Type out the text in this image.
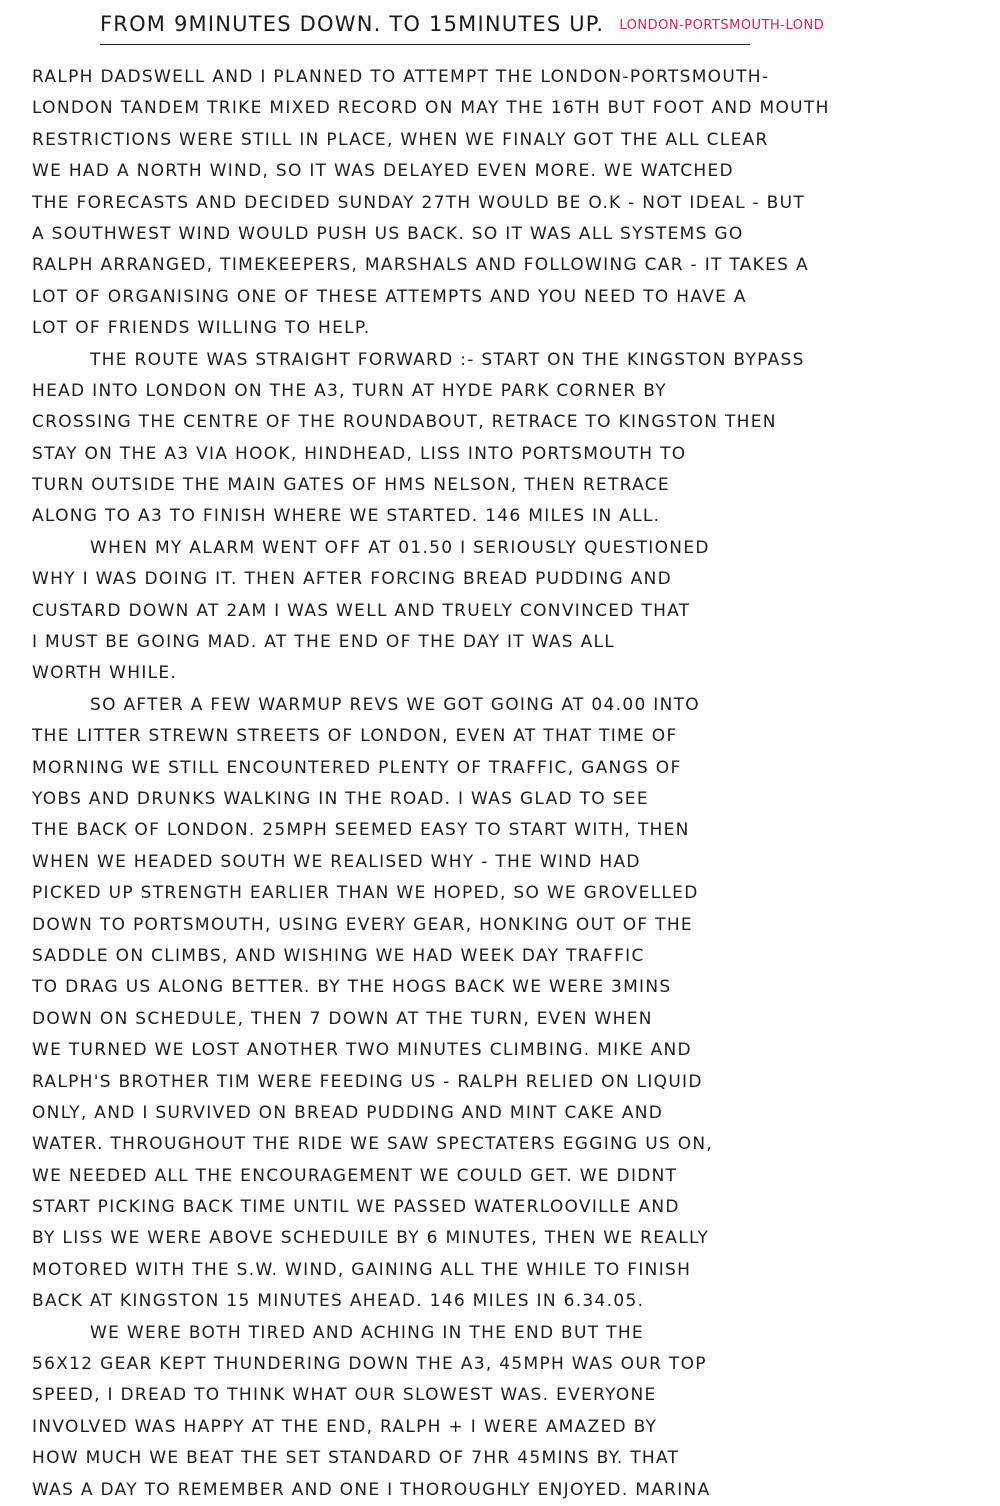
FROM 9MINUTES DOWN. TO 15MINUTES UP. LONDON-PORTSMOUTH-LOND
RALPH DADSWELL AND I PLANNED TO ATTEMPT THE LONDON-PORTSMOUTH-
LONDON TANDEM TRIKE MIXED RECORD ON MAY THE 16TH BUT FOOT AND MOUTH
RESTRICTIONS WERE STILL IN PLACE, WHEN WE FINALY GOT THE ALL CLEAR
WE HAD A NORTH WIND, SO IT WAS DELAYED EVEN MORE. WE WATCHED
THE FORECASTS AND DECIDED SUNDAY 27TH WOULD BE O.K - NOT IDEAL - BUT
A SOUTHWEST WIND WOULD PUSH US BACK. SO IT WAS ALL SYSTEMS GO
RALPH ARRANGED, TIMEKEEPERS, MARSHALS AND FOLLOWING CAR - IT TAKES A
LOT OF ORGANISING ONE OF THESE ATTEMPTS AND YOU NEED TO HAVE A
LOT OF FRIENDS WILLING TO HELP.
THE ROUTE WAS STRAIGHT FORWARD :- START ON THE KINGSTON BYPASS
HEAD INTO LONDON ON THE A3, TURN AT HYDE PARK CORNER BY
CROSSING THE CENTRE OF THE ROUNDABOUT, RETRACE TO KINGSTON THEN
STAY ON THE A3 VIA HOOK, HINDHEAD, LISS INTO PORTSMOUTH TO
TURN OUTSIDE THE MAIN GATES OF HMS NELSON, THEN RETRACE
ALONG TO A3 TO FINISH WHERE WE STARTED. 146 MILES IN ALL.
WHEN MY ALARM WENT OFF AT 01.50 I SERIOUSLY QUESTIONED
WHY I WAS DOING IT. THEN AFTER FORCING BREAD PUDDING AND
CUSTARD DOWN AT 2AM I WAS WELL AND TRUELY CONVINCED THAT
I MUST BE GOING MAD. AT THE END OF THE DAY IT WAS ALL
WORTH WHILE.
SO AFTER A FEW WARMUP REVS WE GOT GOING AT 04.00 INTO
THE LITTER STREWN STREETS OF LONDON, EVEN AT THAT TIME OF
MORNING WE STILL ENCOUNTERED PLENTY OF TRAFFIC, GANGS OF
YOBS AND DRUNKS WALKING IN THE ROAD. I WAS GLAD TO SEE
THE BACK OF LONDON. 25MPH SEEMED EASY TO START WITH, THEN
WHEN WE HEADED SOUTH WE REALISED WHY - THE WIND HAD
PICKED UP STRENGTH EARLIER THAN WE HOPED, SO WE GROVELLED
DOWN TO PORTSMOUTH, USING EVERY GEAR, HONKING OUT OF THE
SADDLE ON CLIMBS, AND WISHING WE HAD WEEK DAY TRAFFIC
TO DRAG US ALONG BETTER. BY THE HOGS BACK WE WERE 3MINS
DOWN ON SCHEDULE, THEN 7 DOWN AT THE TURN, EVEN WHEN
WE TURNED WE LOST ANOTHER TWO MINUTES CLIMBING. MIKE AND
RALPH'S BROTHER TIM WERE FEEDING US - RALPH RELIED ON LIQUID
ONLY, AND I SURVIVED ON BREAD PUDDING AND MINT CAKE AND
WATER. THROUGHOUT THE RIDE WE SAW SPECTATERS EGGING US ON,
WE NEEDED ALL THE ENCOURAGEMENT WE COULD GET. WE DIDNT
START PICKING BACK TIME UNTIL WE PASSED WATERLOOVILLE AND
BY LISS WE WERE ABOVE SCHEDUILE BY 6 MINUTES, THEN WE REALLY
MOTORED WITH THE S.W. WIND, GAINING ALL THE WHILE TO FINISH
BACK AT KINGSTON 15 MINUTES AHEAD. 146 MILES IN 6.34.05.
WE WERE BOTH TIRED AND ACHING IN THE END BUT THE
56X12 GEAR KEPT THUNDERING DOWN THE A3, 45MPH WAS OUR TOP
SPEED, I DREAD TO THINK WHAT OUR SLOWEST WAS. EVERYONE
INVOLVED WAS HAPPY AT THE END, RALPH + I WERE AMAZED BY
HOW MUCH WE BEAT THE SET STANDARD OF 7HR 45MINS BY. THAT
WAS A DAY TO REMEMBER AND ONE I THOROUGHLY ENJOYED. MARINA
